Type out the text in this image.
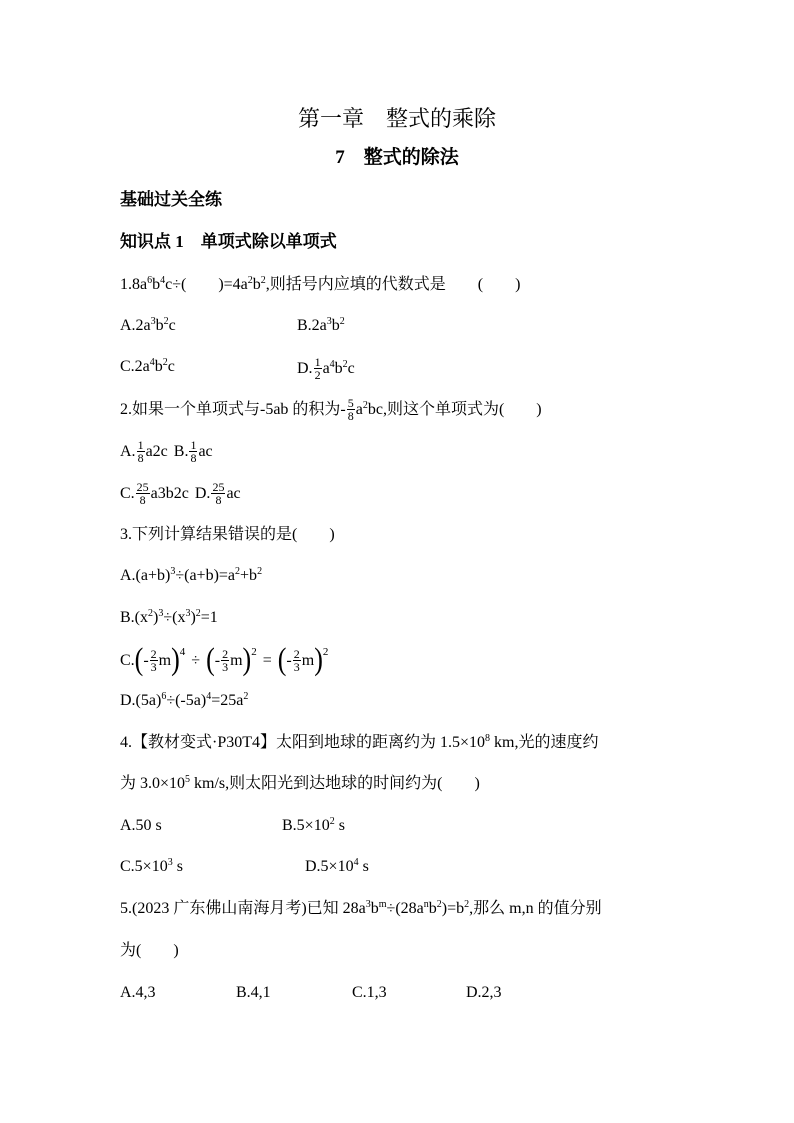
第一章　整式的乘除
7　整式的除法
基础过关全练
知识点 1　单项式除以单项式
$1.8a^6b^4c\div$(　　)$=4a^2b^2$,则括号内应填的代数式是　　(　　)
$A.2a^3b^2c$	$B.2a^3b^2$
$C.2a^4b^2c$	D. $\frac{1}{2} a^4b^2c$
2.如果一个单项式与-5ab 的积为- $\frac{5}{8} a^2bc$,则这个单项式为(　　)
A. $\frac{1}{8} a2c$ B. $\frac{1}{8}$ ac
C. $\frac{25}{8} a3b2c$ D. $\frac{25}{8}$ ac
3.下列计算结果错误的是(　　)
$A.(a+b)^3\div(a+b)=a^2+b^2$
$B.(x^2)^3\div(x^3)^2=1$
$C.(- \frac{2}{3} m)^4$ ÷ (- $\frac{2}{3} m)^2$ = (- $\frac{2}{3} m)^2$
$D.(5a)^6\div(-5a)^4=25a^2$
4.【教材变式·P30T4】太阳到地球的距离约为 $1.5\times 10^8$ km,光的速度约
为 $3.0\times 10^5$ km/s,则太阳光到达地球的时间约为(　　)
A.50 s	$B.5\times 10^2$ s
$C.5\times 10^3$ s	$D.5\times 10^4$ s
5.(2023 广东佛山南海月考)已知 $28a^3b^m\div(28a^nb^2)=b^2$,那么 m,n 的值分别
为(　　)
A.4,3	B.4,1	C.1,3	D.2,3
